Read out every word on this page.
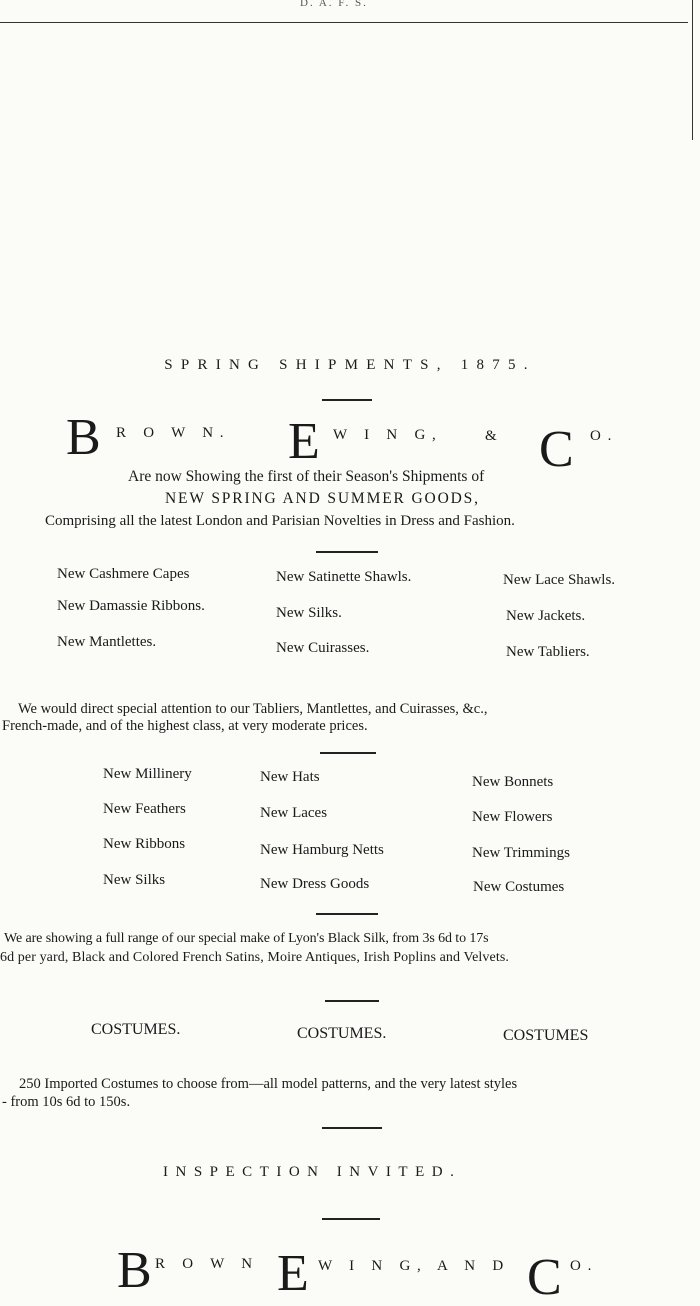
D. A. F. S.
SPRING SHIPMENTS, 1875.
B R O W N. E W I N G,	& C O.
Are now Showing the first of their Season's Shipments of
NEW SPRING AND SUMMER GOODS,
Comprising all the latest London and Parisian Novelties in Dress and Fashion.
New Cashmere Capes	New Satinette Shawls.	New Lace Shawls.
New Damassie Ribbons.	New Silks.	New Jackets.
New Mantlettes.	New Cuirasses.	New Tabliers.
We would direct special attention to our Tabliers, Mantlettes, and Cuirasses, &c.,
French-made, and of the highest class, at very moderate prices.
New Millinery	New Hats	New Bonnets
New Feathers	New Laces	New Flowers
New Ribbons	New Hamburg Netts	New Trimmings
New Silks	New Dress Goods	New Costumes
We are showing a full range of our special make of Lyon's Black Silk, from 3s 6d to 17s
6d per yard, Black and Colored French Satins, Moire Antiques, Irish Poplins and Velvets.
COSTUMES.	COSTUMES.	COSTUMES
250 Imported Costumes to choose from—all model patterns, and the very latest styles
- from 10s 6d to 150s.
INSPECTION INVITED.
B R O W N E W I N G, A N D C O.
